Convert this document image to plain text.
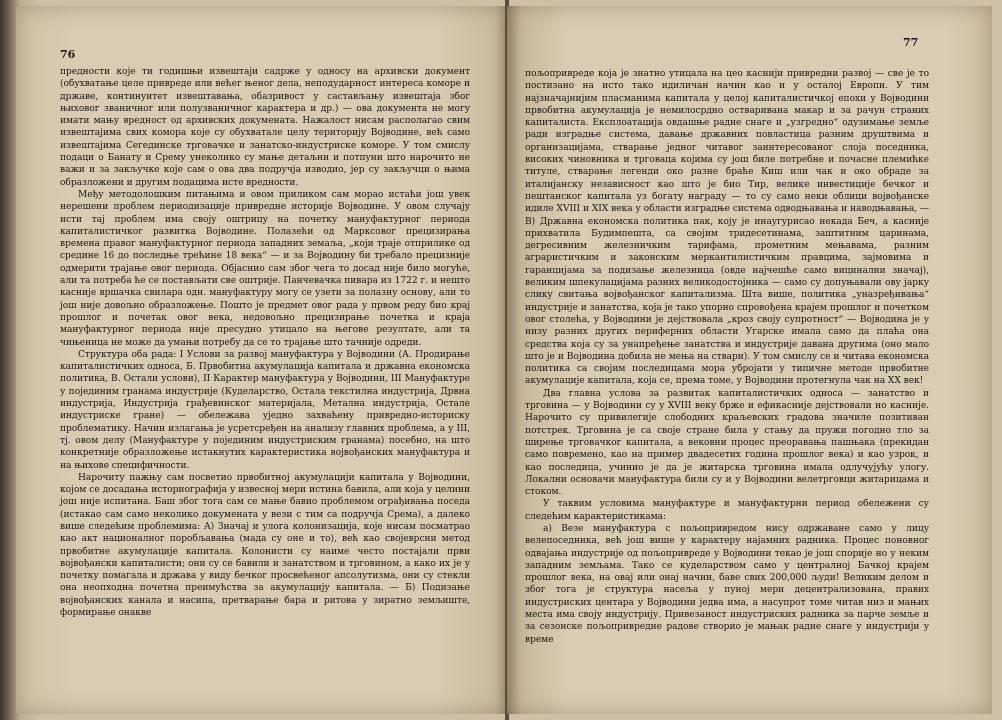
76

предности које ти годишњи извештаји садрже у односу на архивски документ (обухватање целе привреде или већег њеног дела, неподударност интереса коморе и државе, континуитет извештавања, обазривост у састављању извештаја због њиховог званичног или полузваничног карактера и др.) — ова документа не могу имати мању вредност од архивских докумената. Нажалост нисам располагао свим извештајима свих комора које су обухватале целу територију Војводине, већ само извештајима Сегединске трговачке и занатско-индустриске коморе. У том смислу подаци о Банату и Срему унеколико су мање детаљни и потпуни што нарочито не важи и за закључке које сам о ова два подручја изводио, јер су закључци о њима образложени и другим подацима исте вредности.

Међу методолошким питањима и овом приликом сам морао истаћи још увек нерешени проблем периодизације привредне историје Војводине. У овом случају исти тај проблем има своју оштрицу на почетку мануфактурног периода капиталистичког развитка Војводине. Полазећи од Марксовог прецизирања времена правог мануфактурног периода западних земаља, „који траје отприлике од средине 16 до последње трећине 18 века“ — и за Војводину би требало прецизније одмерити трајање овог периода. Објаснио сам због чега то досад није било могуће, али та потреба ће се постављати све оштрије. Панчевачка пивара из 1722 г. и нешто касније вршачка свилара одн. мануфактуру могу се узети за полазну основу, али то још није довољно образложење. Пошто је предмет овог рада у првом реду био крај прошлог и почетак овог века, недовољно прецизирање почетка и краја мануфактурног периода није пресудно утицало на његове резултате, али та чињеница не може да умањи потребу да се то трајање што тачније одреди.

Структура оба рада: I Услови за развој мануфактура у Војводини (А. Продирање капиталистичких односа, Б. Првобитна акумулација капитала и државна економска политика, В. Остали услови), II Карактер мануфактура у Војводини, III Мануфактуре у појединим гранама индустрије (Куделарство, Остала текстилна индустрија, Дрвна индустрија, Индустрија грађевинског материјала, Метална индустрија, Остале индустриске гране) — обележава уједно захваћену привредно-историску проблематику. Начин излагања је усретсређен на анализу главних проблема, а у III, тј. овом делу (Мануфактуре у појединим индустриским гранама) посебно, на што конкретније образложење истакнутих карактеристика војвођанских мануфактура и на њихове специфичности.

Нарочиту пажњу сам посветио првобитној акумулацији капитала у Војводини, којом се досадања историографија у извесној мери истина бавила, али која у целини још није испитана. Баш због тога сам се мање бавио проблемом ограђивања поседа (истакао сам само неколико докумената у вези с тим са подручја Срема), а далеко више следећим проблемима: А) Значај и улога колонизација, које нисам посматрао као акт националног поробљавања (мада су оне и то), већ као својеврсни метод првобитне акумулације капитала. Колонисти су наиме често постајали први војвођански капиталисти; они су се бавили и занатством и трговином, а како их је у почетку помагала и држава у виду бечког просвећеног апсолутизма, они су стекли она неопходна почетна преимућства за акумулацију капитала. — Б) Подизање војвођанских канала и насипа, претварање бара и ритова у зиратно земљиште, формирање онакве

77

пољопривреде која је знатно утицала на цео каснији привредни развој — све је то постизано на исто тако идиличан начин као и у осталој Европи. У тим најзначајнијим пласманима капитала у целој капиталистичкој епохи у Војводини првобитна акумулација је немилосрдно остваривана макар и за рачун страних капиталиста. Експлоатација овдашње радне снаге и „узгредно“ одузимање земље ради изградње система, давање државних повластица разним друштвима и организацијама, стварање једног читавог заинтересованог слоја поседника, високих чиновника и трговаца којима су још биле потребне и почасне племићке титуле, стварање легенди око разне браће Киш или чак и око обраде за италијанску независност као што је био Тир, велике инвестиције бечког и пештанског капитала уз богату награду — то су само неки облици војвођанске идиле XVIII и XIX века у области изградње система одводњавања и наводњавања, — В) Државна економска политика пак, коју је инаугурисао некада Беч, а касније прихватила Будимпешта, са својим тридесетинама, заштитним царинама, дегресивним железничким тарифама, прометним мењавама, разним аграристичким и законским меркантилистичким правцима, зајмовима и гаранцијама за подизање железница (овде најчешће само вицинални значај), великим шпекулацијама разних великодостојника — само су допуњавали ову јарку слику свитања војвођанског капитализма. Шта више, политика „уназређивања“ индустрије и занатства, која је тако упорно спровођена крајем прошлог и почетком овог столећа, у Војводини је дејствовала „кроз своју супротност“ — Војводина је у низу разних других периферних области Угарске имала само да плаћа она средства која су за унапређење занатства и индустрије давана другима (оно мало што је и Војводина добила не мења на ствари). У том смислу се и читава економска политика са својим последицама мора убројати у типичне методе првобитне акумулације капитала, која се, према томе, у Војводини протегнула чак на XX век!

Два главна услова за развитак капиталистичких односа — занатство и трговина — у Војводини су у XVIII веку брже и ефикасније дејствовали но касније. Нарочито су привилегије слободних краљевских градова значиле позитиван потстрек. Трговина је са своје стране била у стању да пружи погодно тло за ширење трговачког капитала, а вековни процес преоравања пашњака (прекидан само повремено, као на пример двадесетих година прошлог века) и као узрок, и као последица, учинио је да је житарска трговина имала одлучујућу улогу. Локални основачи мануфактура били су и у Војводини велетрговци житарицама и стоком.

У таквим условима мануфактуре и мануфактурни период обележени су следећим карактеристикама:

а) Везе мануфактура с пољопривредом нису одржаване само у лицу велепоседника, већ још више у карактеру најамних радника. Процес поновног одвајања индустрије од пољопривреде у Војводини текао је још спорије но у неким западним земљама. Тако се куделарством само у централној Бачкој крајем прошлог века, на овај или онај начин, бавe свих 200,000 људи! Великим делом и због тога је структура насеља у пуној мери децентрализована, правих индустриских центара у Војводини једва има, а насупрот томе читав низ и мањих места има своју индустрију. Привезаност индустриских радника за парче земље и за сезонске пољопривредне радове створио је мањак радне снаге у индустрији у време
